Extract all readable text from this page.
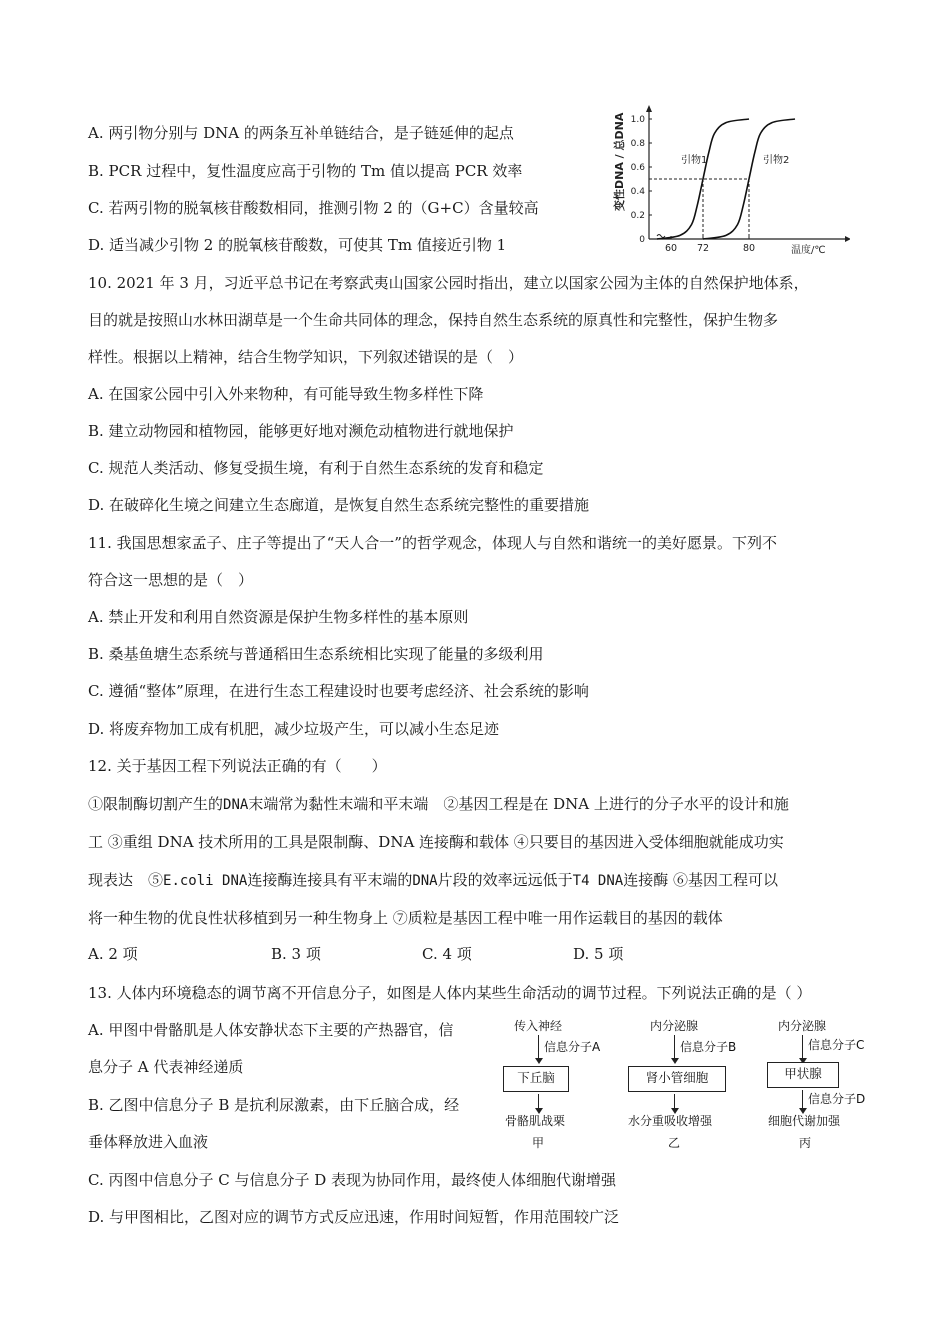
A. 两引物分别与 DNA 的两条互补单链结合，是子链延伸的起点
B. PCR 过程中，复性温度应高于引物的 Tm 值以提高 PCR 效率
C. 若两引物的脱氧核苷酸数相同，推测引物 2 的（G+C）含量较高
D. 适当减少引物 2 的脱氧核苷酸数，可使其 Tm 值接近引物 1
变性DNA / 总DNA
温度/℃
0
0.2
0.4
0.6
0.8
1.0
60 72	80
引物1	引物2
10. 2021 年 3 月，习近平总书记在考察武夷山国家公园时指出，建立以国家公园为主体的自然保护地体系，
目的就是按照山水林田湖草是一个生命共同体的理念，保持自然生态系统的原真性和完整性，保护生物多
样性。根据以上精神，结合生物学知识，下列叙述错误的是（　）
A. 在国家公园中引入外来物种，有可能导致生物多样性下降
B. 建立动物园和植物园，能够更好地对濒危动植物进行就地保护
C. 规范人类活动、修复受损生境，有利于自然生态系统的发育和稳定
D. 在破碎化生境之间建立生态廊道，是恢复自然生态系统完整性的重要措施
11. 我国思想家孟子、庄子等提出了“天人合一”的哲学观念，体现人与自然和谐统一的美好愿景。下列不
符合这一思想的是（　）
A. 禁止开发和利用自然资源是保护生物多样性的基本原则
B. 桑基鱼塘生态系统与普通稻田生态系统相比实现了能量的多级利用
C. 遵循“整体”原理，在进行生态工程建设时也要考虑经济、社会系统的影响
D. 将废弃物加工成有机肥，减少垃圾产生，可以减小生态足迹
12. 关于基因工程下列说法正确的有（　　）
①限制酶切割产生的DNA末端常为黏性末端和平末端　②基因工程是在 DNA 上进行的分子水平的设计和施
工 ③重组 DNA 技术所用的工具是限制酶、DNA 连接酶和载体 ④只要目的基因进入受体细胞就能成功实
现表达　⑤E.coli DNA连接酶连接具有平末端的DNA片段的效率远远低于T4 DNA连接酶 ⑥基因工程可以
将一种生物的优良性状移植到另一种生物身上 ⑦质粒是基因工程中唯一用作运载目的基因的载体
A. 2 项	B. 3 项	C. 4 项	D. 5 项
13. 人体内环境稳态的调节离不开信息分子，如图是人体内某些生命活动的调节过程。下列说法正确的是（ ）
A. 甲图中骨骼肌是人体安静状态下主要的产热器官，信
息分子 A 代表神经递质
B. 乙图中信息分子 B 是抗利尿激素，由下丘脑合成，经
垂体释放进入血液
C. 丙图中信息分子 C 与信息分子 D 表现为协同作用，最终使人体细胞代谢增强
D. 与甲图相比，乙图对应的调节方式反应迅速，作用时间短暂，作用范围较广泛
传入神经
信息分子A
下丘脑
骨骼肌战栗
甲
内分泌腺
信息分子B
肾小管细胞
水分重吸收增强
乙
内分泌腺
信息分子C
甲状腺
信息分子D
细胞代谢加强
丙
